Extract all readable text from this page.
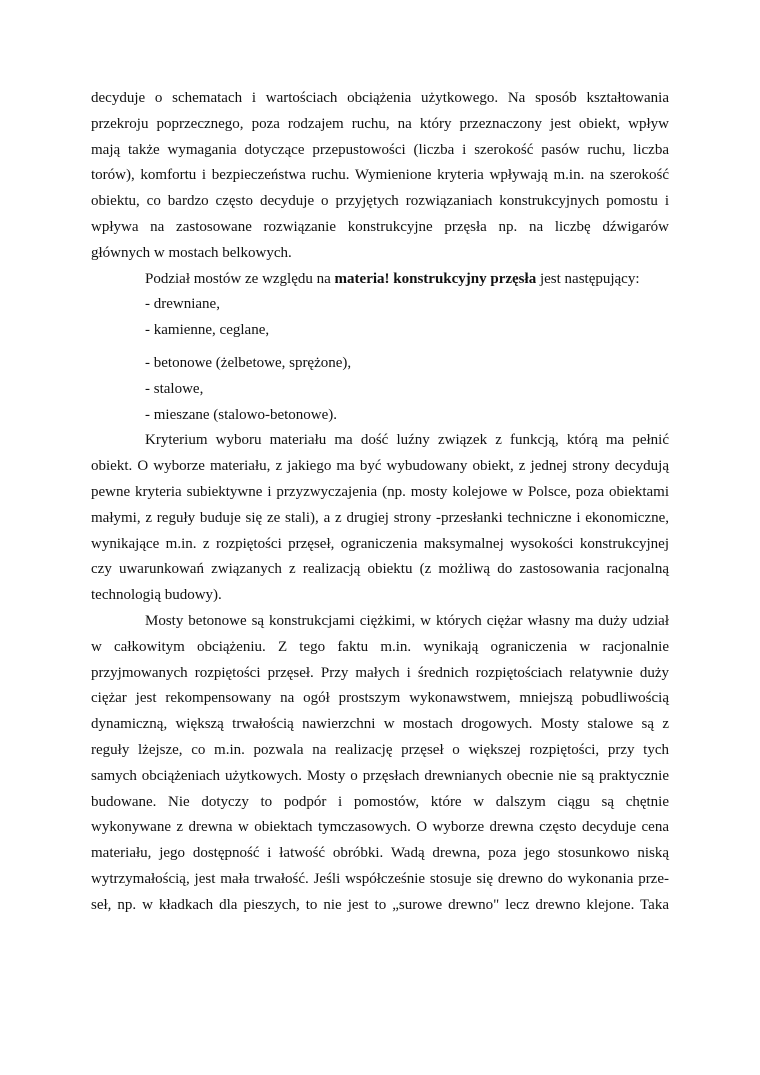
decyduje o schematach i wartościach obciążenia użytkowego. Na sposób kształtowania
przekroju poprzecznego, poza rodzajem ruchu, na który przeznaczony jest obiekt, wpływ
mają także wymagania dotyczące przepustowości (liczba i szerokość pasów ruchu, liczba
torów), komfortu i bezpieczeństwa ruchu. Wymienione kryteria wpływają m.in. na szerokość
obiektu, co bardzo często decyduje o przyjętych rozwiązaniach konstrukcyjnych pomostu i
wpływa na zastosowane rozwiązanie konstrukcyjne przęsła np. na liczbę dźwigarów
głównych w mostach belkowych.
Podział mostów ze względu na materia! konstrukcyjny przęsła jest następujący:
- drewniane,
- kamienne, ceglane,
- betonowe (żelbetowe, sprężone),
- stalowe,
- mieszane (stalowo-betonowe).
Kryterium wyboru materiału ma dość luźny związek z funkcją, którą ma pełnić
obiekt. O wyborze materiału, z jakiego ma być wybudowany obiekt, z jednej strony decydują
pewne kryteria subiektywne i przyzwyczajenia (np. mosty kolejowe w Polsce, poza obiektami
małymi, z reguły buduje się ze stali), a z drugiej strony -przesłanki techniczne i ekonomiczne,
wynikające m.in. z rozpiętości przęseł, ograniczenia maksymalnej wysokości konstrukcyjnej
czy uwarunkowań związanych z realizacją obiektu (z możliwą do zastosowania racjonalną
technologią budowy).
Mosty betonowe są konstrukcjami ciężkimi, w których ciężar własny ma duży udział
w całkowitym obciążeniu. Z tego faktu m.in. wynikają ograniczenia w racjonalnie
przyjmowanych rozpiętości przęseł. Przy małych i średnich rozpiętościach relatywnie duży
ciężar jest rekompensowany na ogół prostszym wykonawstwem, mniejszą pobudliwością
dynamiczną, większą trwałością nawierzchni w mostach drogowych. Mosty stalowe są z
reguły lżejsze, co m.in. pozwala na realizację przęseł o większej rozpiętości, przy tych
samych obciążeniach użytkowych. Mosty o przęsłach drewnianych obecnie nie są praktycznie
budowane. Nie dotyczy to podpór i pomostów, które w dalszym ciągu są chętnie
wykonywane z drewna w obiektach tymczasowych. O wyborze drewna często decyduje cena
materiału, jego dostępność i łatwość obróbki. Wadą drewna, poza jego stosunkowo niską
wytrzymałością, jest mała trwałość. Jeśli współcześnie stosuje się drewno do wykonania prze-
seł, np. w kładkach dla pieszych, to nie jest to „surowe drewno" lecz drewno klejone. Taka
